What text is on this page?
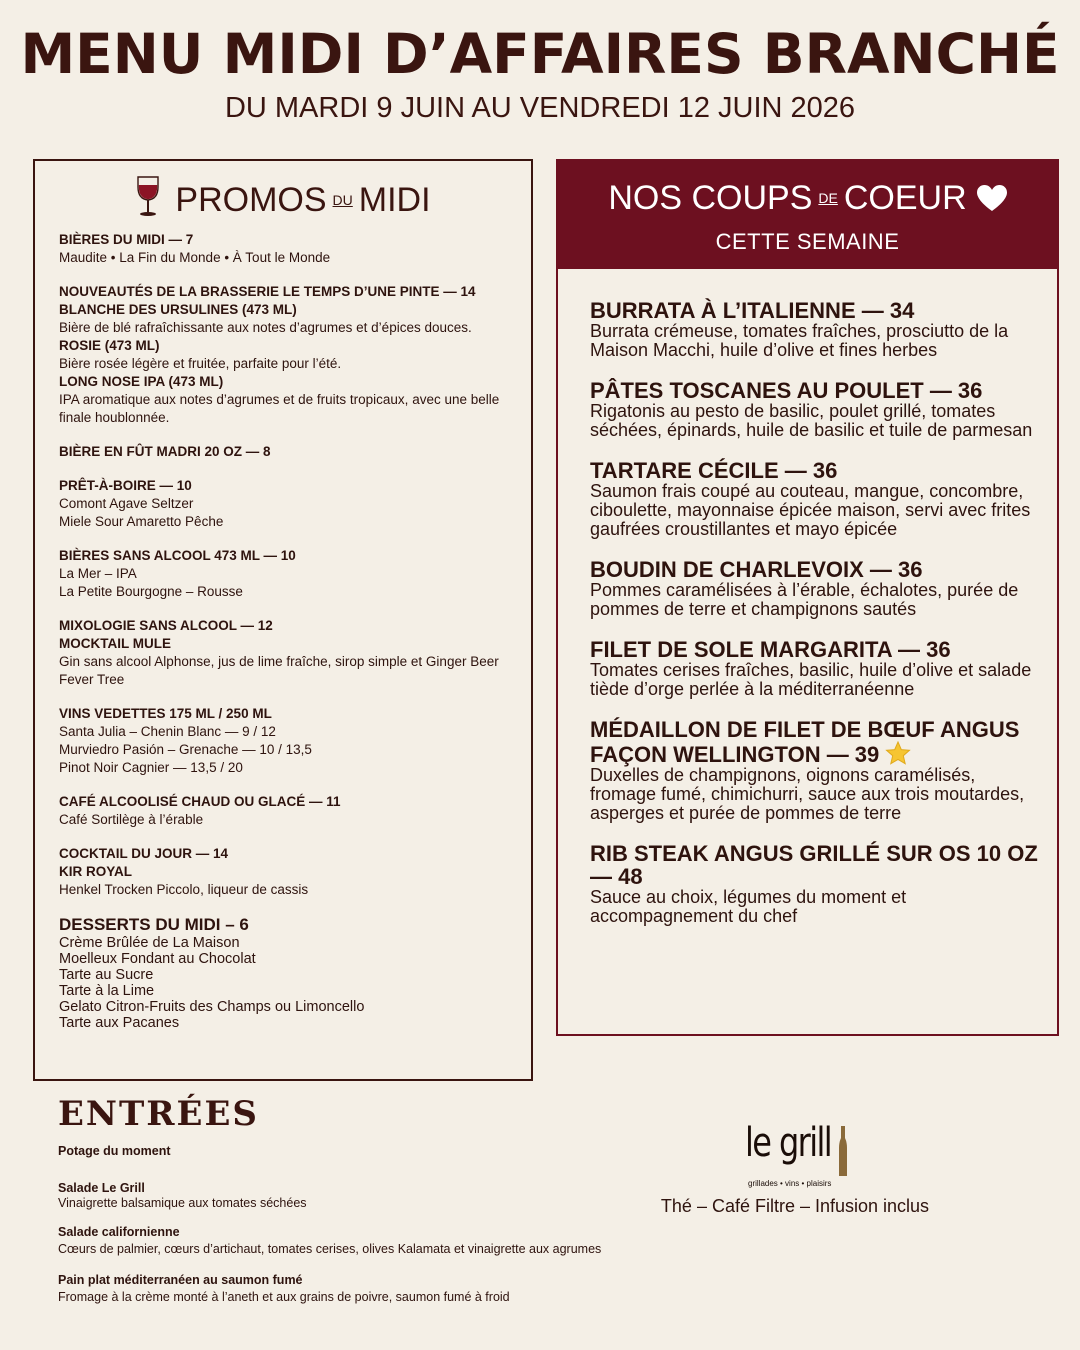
MENU MIDI D’AFFAIRES BRANCHÉ
DU MARDI 9 JUIN AU VENDREDI 12 JUIN 2026
PROMOS DU MIDI
BIÈRES DU MIDI — 7
Maudite • La Fin du Monde • À Tout le Monde
NOUVEAUTÉS DE LA BRASSERIE LE TEMPS D’UNE PINTE — 14
BLANCHE DES URSULINES (473 ML)
Bière de blé rafraîchissante aux notes d’agrumes et d’épices douces.
ROSIE (473 ML)
Bière rosée légère et fruitée, parfaite pour l’été.
LONG NOSE IPA (473 ML)
IPA aromatique aux notes d’agrumes et de fruits tropicaux, avec une belle finale houblonnée.
BIÈRE EN FÛT MADRI 20 OZ — 8
PRÊT-À-BOIRE — 10
Comont Agave Seltzer
Miele Sour Amaretto Pêche
BIÈRES SANS ALCOOL 473 ML — 10
La Mer – IPA
La Petite Bourgogne – Rousse
MIXOLOGIE SANS ALCOOL — 12
MOCKTAIL MULE
Gin sans alcool Alphonse, jus de lime fraîche, sirop simple et Ginger Beer Fever Tree
VINS VEDETTES 175 ML / 250 ML
Santa Julia – Chenin Blanc — 9 / 12
Murviedro Pasión – Grenache — 10 / 13,5
Pinot Noir Cagnier — 13,5 / 20
CAFÉ ALCOOLISÉ CHAUD OU GLACÉ — 11
Café Sortilège à l’érable
COCKTAIL DU JOUR — 14
KIR ROYAL
Henkel Trocken Piccolo, liqueur de cassis
DESSERTS DU MIDI – 6
Crème Brûlée de La Maison
Moelleux Fondant au Chocolat
Tarte au Sucre
Tarte à la Lime
Gelato Citron-Fruits des Champs ou Limoncello
Tarte aux Pacanes
NOS COUPS DE COEUR
CETTE SEMAINE
BURRATA À L’ITALIENNE — 34
Burrata crémeuse, tomates fraîches, prosciutto de la Maison Macchi, huile d’olive et fines herbes
PÂTES TOSCANES AU POULET — 36
Rigatonis au pesto de basilic, poulet grillé, tomates séchées, épinards, huile de basilic et tuile de parmesan
TARTARE CÉCILE — 36
Saumon frais coupé au couteau, mangue, concombre, ciboulette, mayonnaise épicée maison, servi avec frites gaufrées croustillantes et mayo épicée
BOUDIN DE CHARLEVOIX — 36
Pommes caramélisées à l’érable, échalotes, purée de pommes de terre et champignons sautés
FILET DE SOLE MARGARITA — 36
Tomates cerises fraîches, basilic, huile d’olive et salade tiède d’orge perlée à la méditerranéenne
MÉDAILLON DE FILET DE BŒUF ANGUS FAÇON WELLINGTON — 39
Duxelles de champignons, oignons caramélisés, fromage fumé, chimichurri, sauce aux trois moutardes, asperges et purée de pommes de terre
RIB STEAK ANGUS GRILLÉ SUR OS 10 OZ — 48
Sauce au choix, légumes du moment et accompagnement du chef
ENTRÉES
Potage du moment
Salade Le Grill
Vinaigrette balsamique aux tomates séchées
Salade californienne
Cœurs de palmier, cœurs d’artichaut, tomates cerises, olives Kalamata et vinaigrette aux agrumes
Pain plat méditerranéen au saumon fumé
Fromage à la crème monté à l’aneth et aux grains de poivre, saumon fumé à froid
le grill
grillades • vins • plaisirs
Thé – Café Filtre – Infusion inclus
